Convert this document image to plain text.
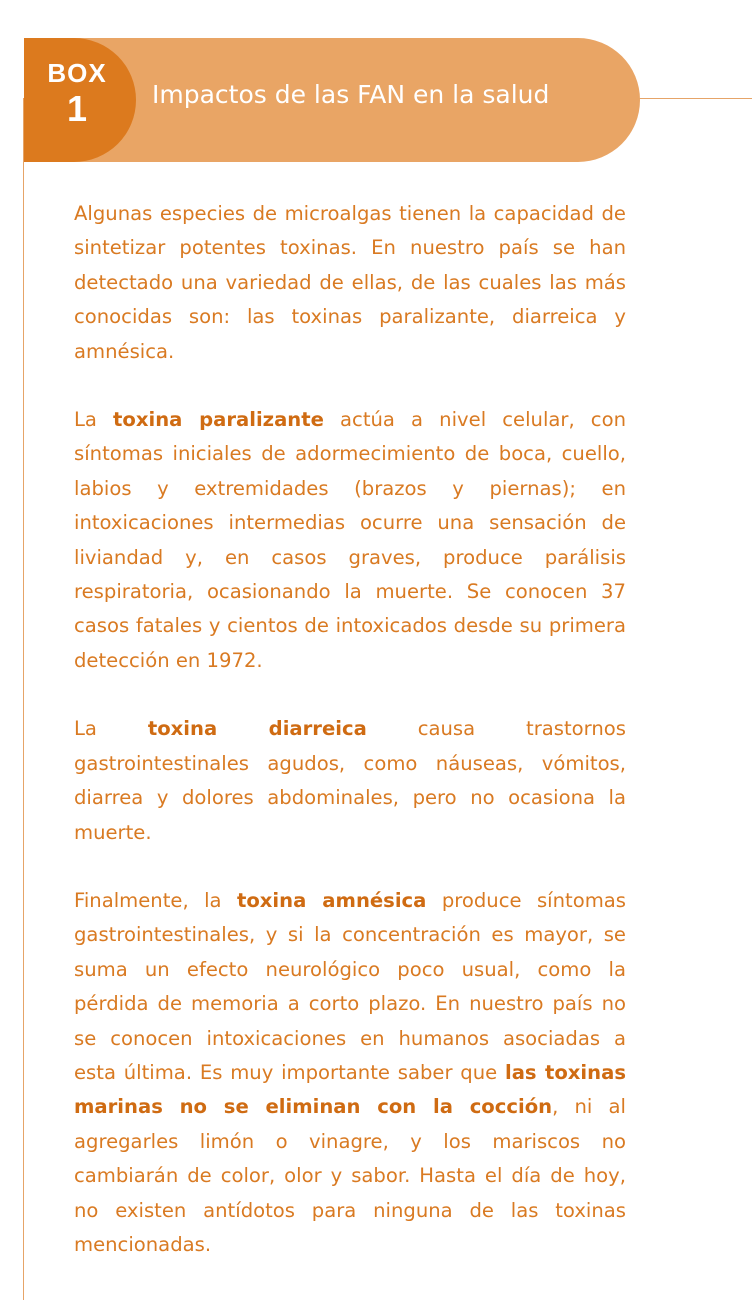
BOX
1	Impactos de las FAN en la salud

Algunas especies de microalgas tienen la capacidad de sintetizar potentes toxinas. En nuestro país se han detectado una variedad de ellas, de las cuales las más conocidas son: las toxinas paralizante, diarreica y amnésica.

La toxina paralizante actúa a nivel celular, con síntomas iniciales de adormecimiento de boca, cuello, labios y extremidades (brazos y piernas); en intoxicaciones intermedias ocurre una sensación de liviandad y, en casos graves, produce parálisis respiratoria, ocasionando la muerte. Se conocen 37 casos fatales y cientos de intoxicados desde su primera detección en 1972.

La toxina diarreica causa trastornos gastrointestinales agudos, como náuseas, vómitos, diarrea y dolores abdominales, pero no ocasiona la muerte.

Finalmente, la toxina amnésica produce síntomas gastrointestinales, y si la concentración es mayor, se suma un efecto neurológico poco usual, como la pérdida de memoria a corto plazo. En nuestro país no se conocen intoxicaciones en humanos asociadas a esta última. Es muy importante saber que las toxinas marinas no se eliminan con la cocción, ni al agregarles limón o vinagre, y los mariscos no cambiarán de color, olor y sabor. Hasta el día de hoy, no existen antídotos para ninguna de las toxinas mencionadas.
